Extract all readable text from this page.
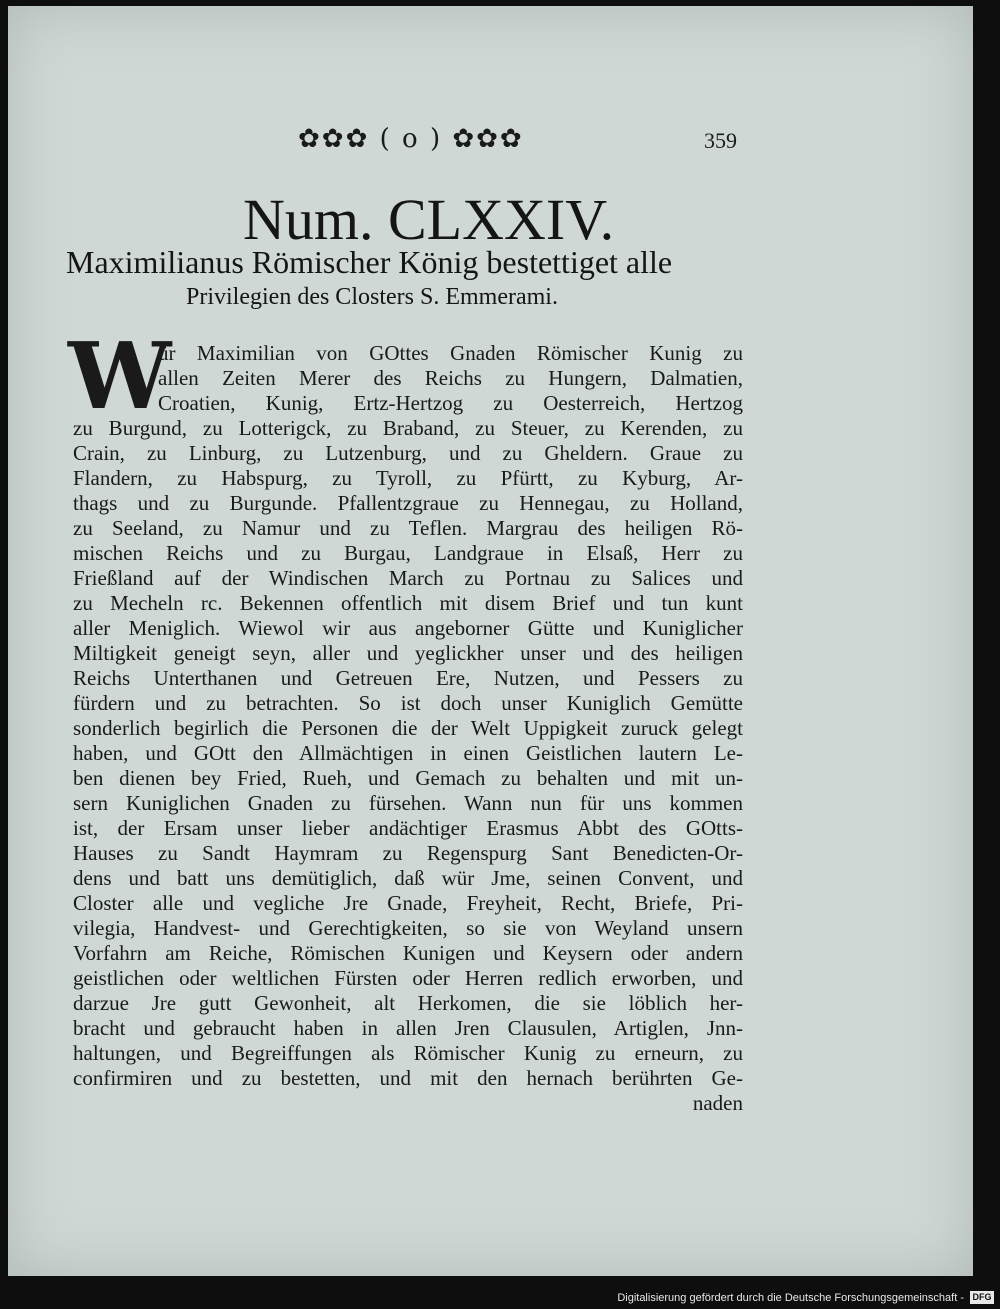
✿✿✿ ( o ) ✿✿✿	359
Num. CLXXIV.
Maximilianus Römischer König bestettiget alle
Privilegien des Closters S. Emmerami.
W
ür Maximilian von GOttes Gnaden Römischer Kunig zu
allen Zeiten Merer des Reichs zu Hungern, Dalmatien,
Croatien, Kunig, Ertz-Hertzog zu Oesterreich, Hertzog
zu Burgund, zu Lotterigck, zu Braband, zu Steuer, zu Kerenden, zu
Crain, zu Linburg, zu Lutzenburg, und zu Gheldern. Graue zu
Flandern, zu Habspurg, zu Tyroll, zu Pfürtt, zu Kyburg, Ar-
thags und zu Burgunde. Pfallentzgraue zu Hennegau, zu Holland,
zu Seeland, zu Namur und zu Teflen. Margrau des heiligen Rö-
mischen Reichs und zu Burgau, Landgraue in Elsaß, Herr zu
Frießland auf der Windischen March zu Portnau zu Salices und
zu Mecheln rc. Bekennen offentlich mit disem Brief und tun kunt
aller Meniglich. Wiewol wir aus angeborner Gütte und Kuniglicher
Miltigkeit geneigt seyn, aller und yeglickher unser und des heiligen
Reichs Unterthanen und Getreuen Ere, Nutzen, und Pessers zu
fürdern und zu betrachten. So ist doch unser Kuniglich Gemütte
sonderlich begirlich die Personen die der Welt Uppigkeit zuruck gelegt
haben, und GOtt den Allmächtigen in einen Geistlichen lautern Le-
ben dienen bey Fried, Rueh, und Gemach zu behalten und mit un-
sern Kuniglichen Gnaden zu fürsehen. Wann nun für uns kommen
ist, der Ersam unser lieber andächtiger Erasmus Abbt des GOtts-
Hauses zu Sandt Haymram zu Regenspurg Sant Benedicten-Or-
dens und batt uns demütiglich, daß wür Jme, seinen Convent, und
Closter alle und vegliche Jre Gnade, Freyheit, Recht, Briefe, Pri-
vilegia, Handvest- und Gerechtigkeiten, so sie von Weyland unsern
Vorfahrn am Reiche, Römischen Kunigen und Keysern oder andern
geistlichen oder weltlichen Fürsten oder Herren redlich erworben, und
darzue Jre gutt Gewonheit, alt Herkomen, die sie löblich her-
bracht und gebraucht haben in allen Jren Clausulen, Artiglen, Jnn-
haltungen, und Begreiffungen als Römischer Kunig zu erneurn, zu
confirmiren und zu bestetten, und mit den hernach berührten Ge-
naden
Digitalisierung gefördert durch die Deutsche Forschungsgemeinschaft - DFG
